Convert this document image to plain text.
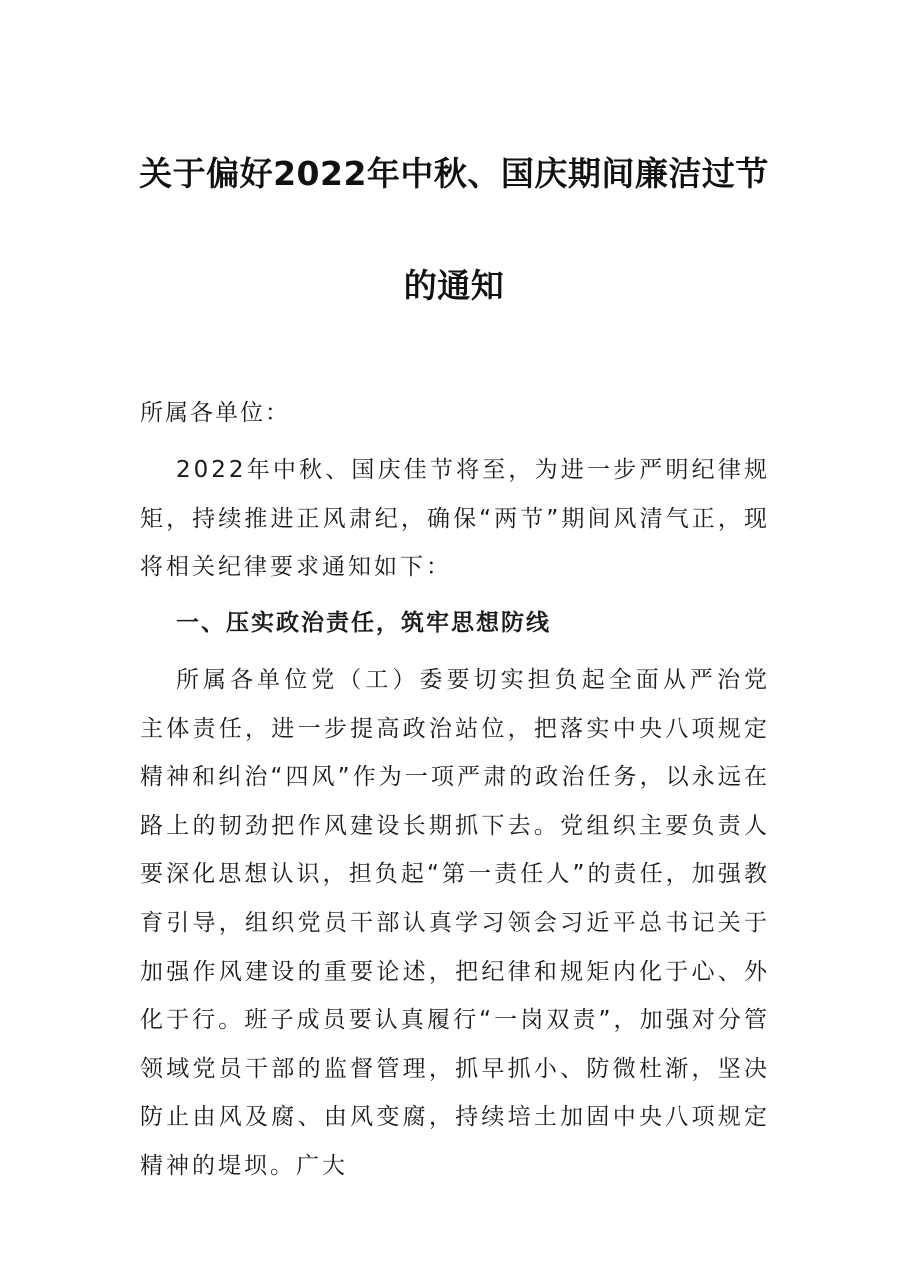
关于偏好2022年中秋、国庆期间廉洁过节
的通知
所属各单位：
2022年中秋、国庆佳节将至，为进一步严明纪律规矩，持续推进正风肃纪，确保“两节”期间风清气正，现将相关纪律要求通知如下：
一、压实政治责任，筑牢思想防线
所属各单位党（工）委要切实担负起全面从严治党主体责任，进一步提高政治站位，把落实中央八项规定精神和纠治“四风”作为一项严肃的政治任务，以永远在路上的韧劲把作风建设长期抓下去。党组织主要负责人要深化思想认识，担负起“第一责任人”的责任，加强教育引导，组织党员干部认真学习领会习近平总书记关于加强作风建设的重要论述，把纪律和规矩内化于心、外化于行。班子成员要认真履行“一岗双责”，加强对分管领域党员干部的监督管理，抓早抓小、防微杜渐，坚决防止由风及腐、由风变腐，持续培土加固中央八项规定精神的堤坝。广大
